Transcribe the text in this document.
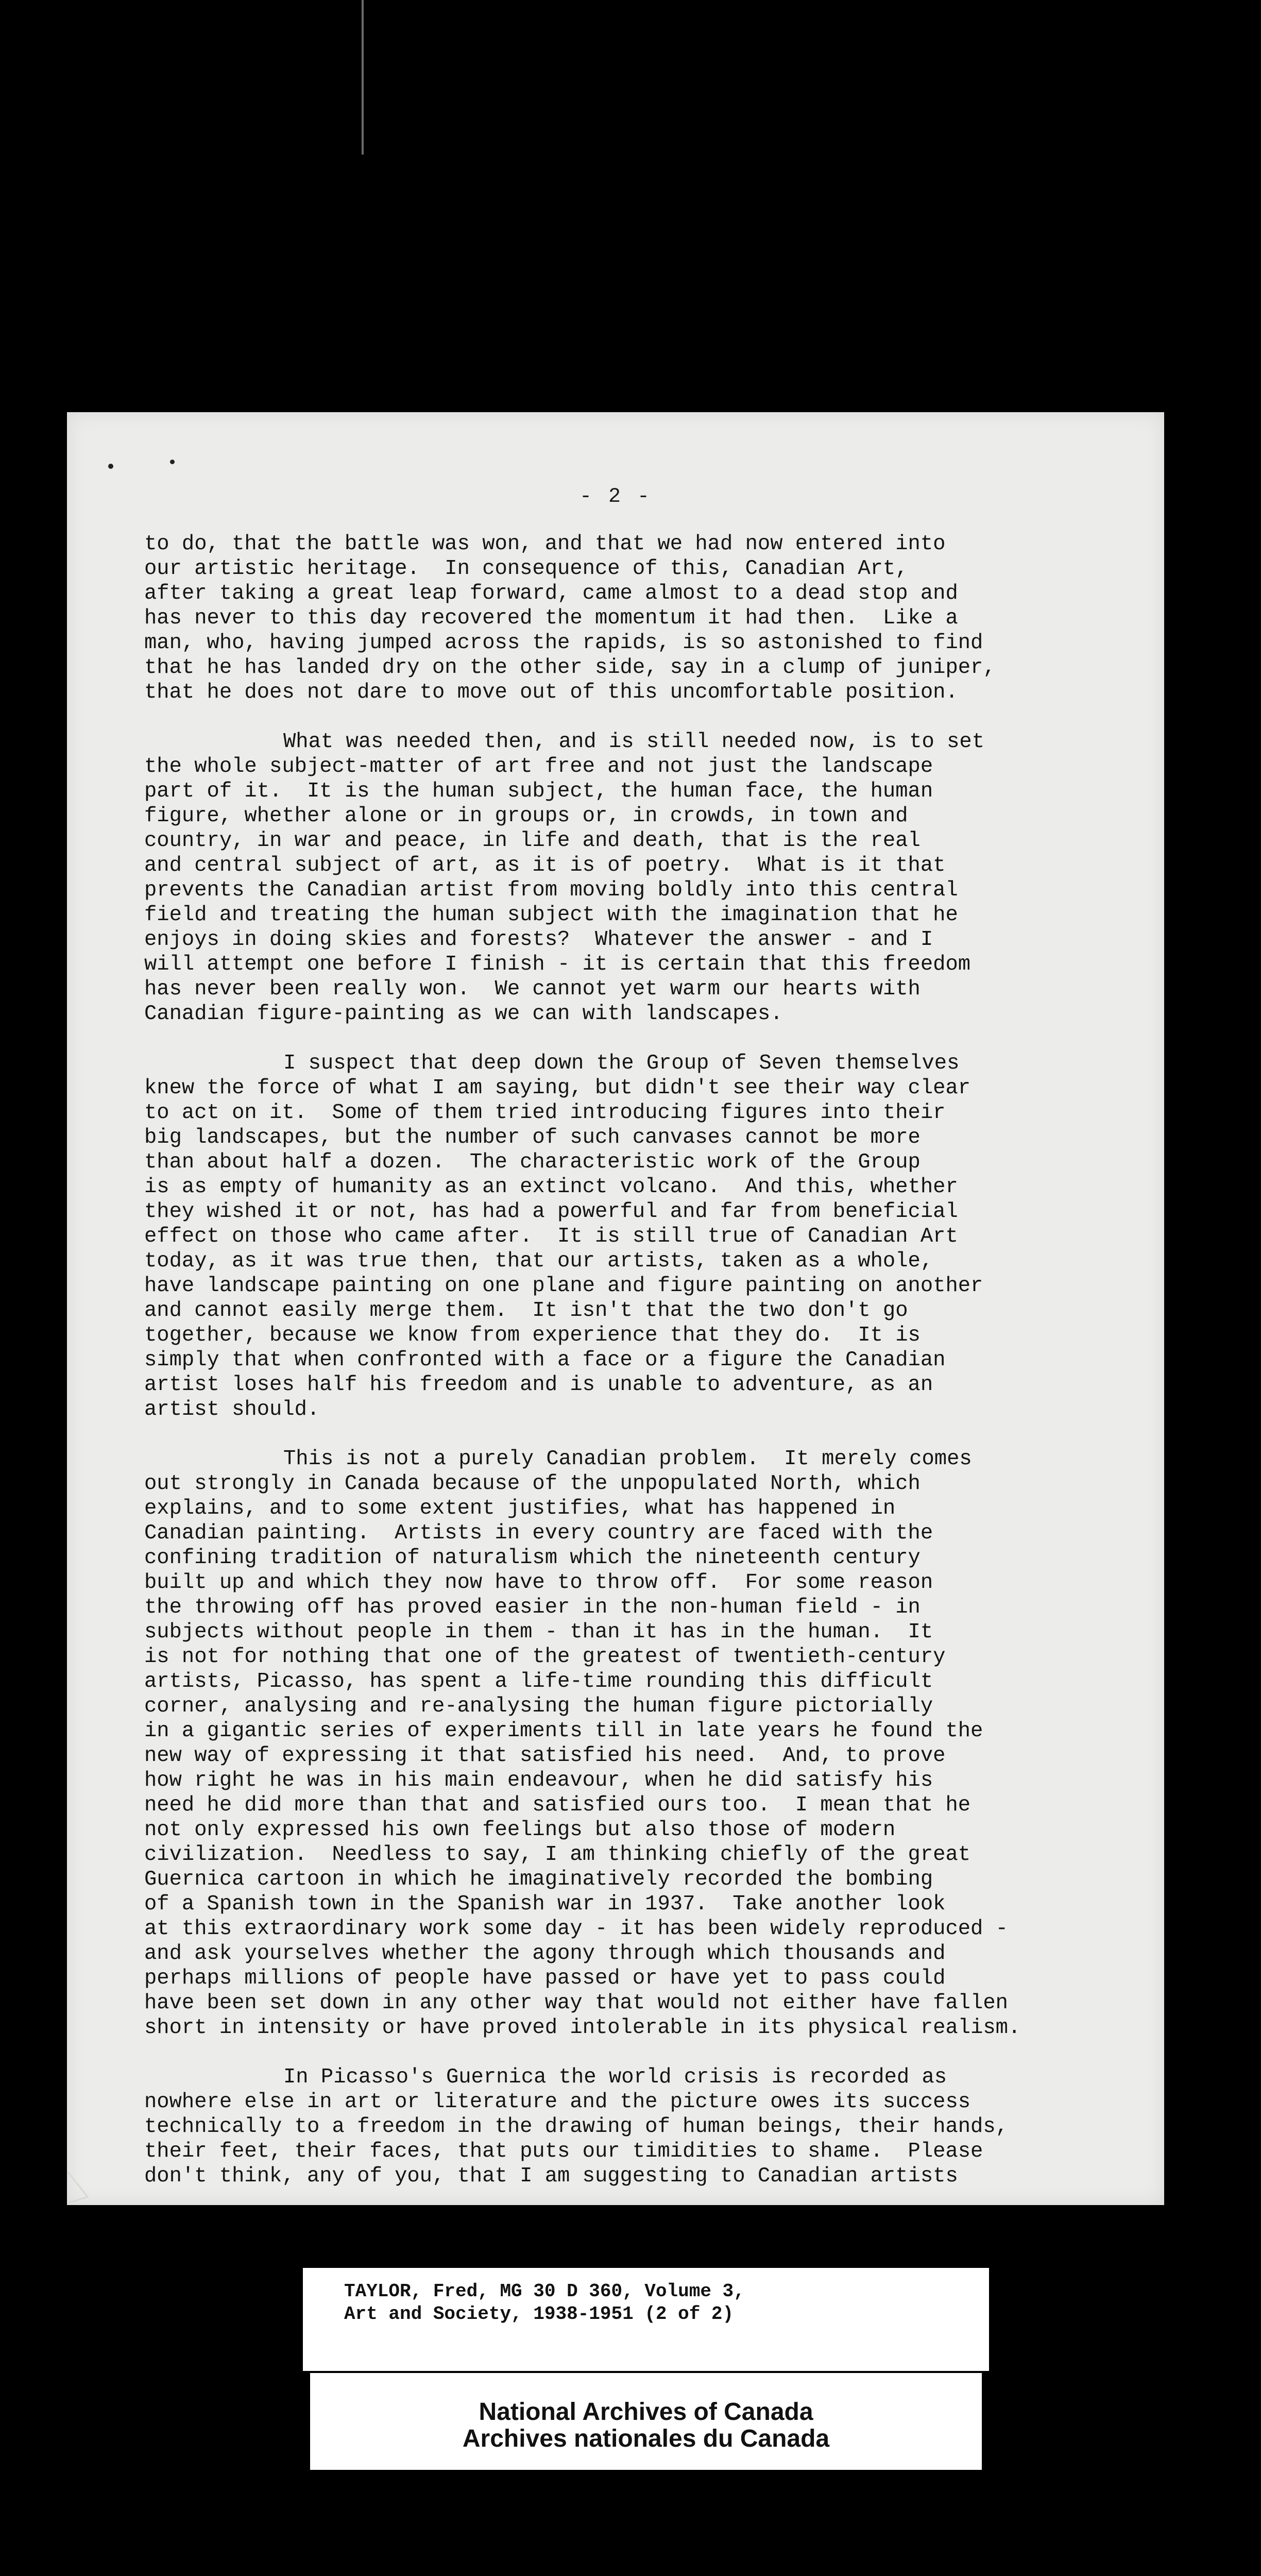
- 2 -
to do, that the battle was won, and that we had now entered into
our artistic heritage.  In consequence of this, Canadian Art,
after taking a great leap forward, came almost to a dead stop and
has never to this day recovered the momentum it had then.  Like a
man, who, having jumped across the rapids, is so astonished to find
that he has landed dry on the other side, say in a clump of juniper,
that he does not dare to move out of this uncomfortable position.
What was needed then, and is still needed now, is to set
the whole subject-matter of art free and not just the landscape
part of it.  It is the human subject, the human face, the human
figure, whether alone or in groups or, in crowds, in town and
country, in war and peace, in life and death, that is the real
and central subject of art, as it is of poetry.  What is it that
prevents the Canadian artist from moving boldly into this central
field and treating the human subject with the imagination that he
enjoys in doing skies and forests?  Whatever the answer - and I
will attempt one before I finish - it is certain that this freedom
has never been really won.  We cannot yet warm our hearts with
Canadian figure-painting as we can with landscapes.
I suspect that deep down the Group of Seven themselves
knew the force of what I am saying, but didn't see their way clear
to act on it.  Some of them tried introducing figures into their
big landscapes, but the number of such canvases cannot be more
than about half a dozen.  The characteristic work of the Group
is as empty of humanity as an extinct volcano.  And this, whether
they wished it or not, has had a powerful and far from beneficial
effect on those who came after.  It is still true of Canadian Art
today, as it was true then, that our artists, taken as a whole,
have landscape painting on one plane and figure painting on another
and cannot easily merge them.  It isn't that the two don't go
together, because we know from experience that they do.  It is
simply that when confronted with a face or a figure the Canadian
artist loses half his freedom and is unable to adventure, as an
artist should.
This is not a purely Canadian problem.  It merely comes
out strongly in Canada because of the unpopulated North, which
explains, and to some extent justifies, what has happened in
Canadian painting.  Artists in every country are faced with the
confining tradition of naturalism which the nineteenth century
built up and which they now have to throw off.  For some reason
the throwing off has proved easier in the non-human field - in
subjects without people in them - than it has in the human.  It
is not for nothing that one of the greatest of twentieth-century
artists, Picasso, has spent a life-time rounding this difficult
corner, analysing and re-analysing the human figure pictorially
in a gigantic series of experiments till in late years he found the
new way of expressing it that satisfied his need.  And, to prove
how right he was in his main endeavour, when he did satisfy his
need he did more than that and satisfied ours too.  I mean that he
not only expressed his own feelings but also those of modern
civilization.  Needless to say, I am thinking chiefly of the great
Guernica cartoon in which he imaginatively recorded the bombing
of a Spanish town in the Spanish war in 1937.  Take another look
at this extraordinary work some day - it has been widely reproduced -
and ask yourselves whether the agony through which thousands and
perhaps millions of people have passed or have yet to pass could
have been set down in any other way that would not either have fallen
short in intensity or have proved intolerable in its physical realism.
In Picasso's Guernica the world crisis is recorded as
nowhere else in art or literature and the picture owes its success
technically to a freedom in the drawing of human beings, their hands,
their feet, their faces, that puts our timidities to shame.  Please
don't think, any of you, that I am suggesting to Canadian artists
TAYLOR, Fred, MG 30 D 360, Volume 3,
Art and Society, 1938-1951 (2 of 2)
National Archives of Canada
Archives nationales du Canada
